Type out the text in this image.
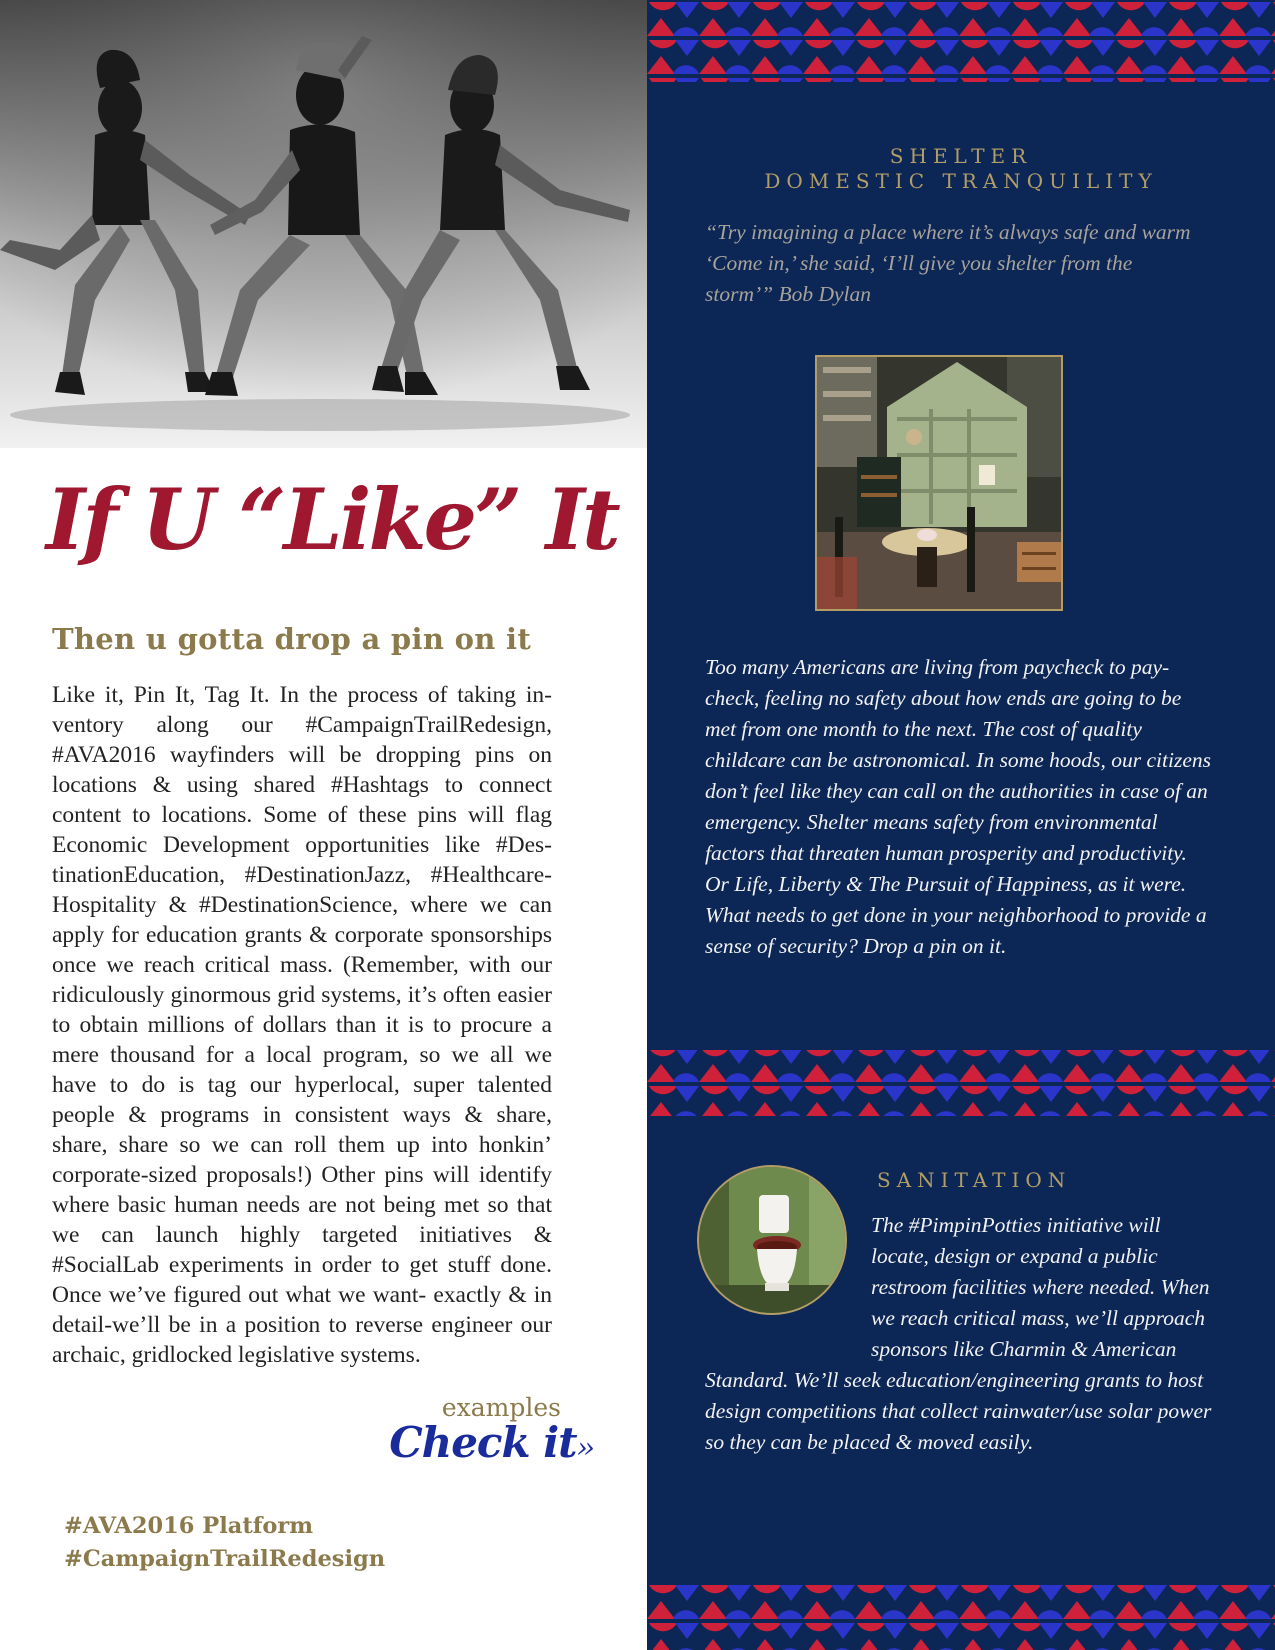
If U “Like” It
Then u gotta drop a pin on it

Like it, Pin It, Tag It. In the process of taking inventory along our #CampaignTrailRedesign, #AVA2016 wayfinders will be dropping pins on locations & using shared #Hashtags to connect content to locations. Some of these pins will flag Economic Development opportunities like #DestinationEducation, #DestinationJazz, #HealthcareHospitality & #DestinationScience, where we can apply for education grants & corporate sponsorships once we reach critical mass. (Remember, with our ridiculously ginormous grid systems, it’s often easier to obtain millions of dollars than it is to procure a mere thousand for a local program, so we all we have to do is tag our hyperlocal, super talented people & programs in consistent ways & share, share, share so we can roll them up into honkin’ corporate-sized proposals!) Other pins will identify where basic human needs are not being met so that we can launch highly targeted initiatives & #SocialLab experiments in order to get stuff done. Once we’ve figured out what we want- exactly & in detail-we’ll be in a position to reverse engineer our archaic, gridlocked legislative systems.

examples
Check it››
#AVA2016 Platform
#CampaignTrailRedesign
SHELTER
DOMESTIC TRANQUILITY

“Try imagining a place where it’s always safe and warm ‘Come in,’ she said, ‘I’ll give you shelter from the storm’” Bob Dylan

Too many Americans are living from paycheck to paycheck, feeling no safety about how ends are going to be met from one month to the next. The cost of quality childcare can be astronomical. In some hoods, our citizens don’t feel like they can call on the authorities in case of an emergency. Shelter means safety from environmental factors that threaten human prosperity and productivity. Or Life, Liberty & The Pursuit of Happiness, as it were. What needs to get done in your neighborhood to provide a sense of security? Drop a pin on it.

SANITATION

The #PimpinPotties initiative will locate, design or expand a public restroom facilities where needed. When we reach critical mass, we’ll approach sponsors like Charmin & American Standard. We’ll seek education/engineering grants to host design competitions that collect rainwater/use solar power so they can be placed & moved easily.
